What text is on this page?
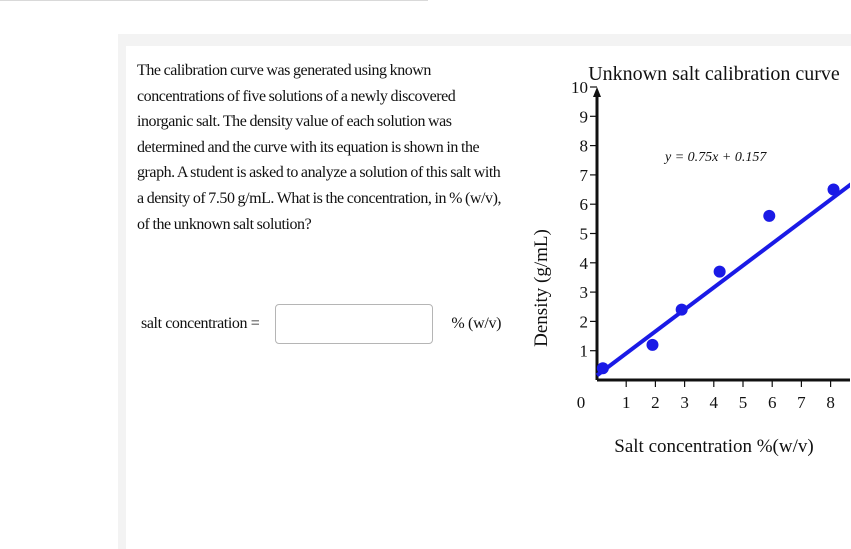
The calibration curve was generated using known concentrations of five solutions of a newly discovered inorganic salt. The density value of each solution was determined and the curve with its equation is shown in the graph. A student is asked to analyze a solution of this salt with a density of 7.50 g/mL. What is the concentration, in % (w/v), of the unknown salt solution?

salt concentration =	% (w/v)
Unknown salt calibration curve
Density (g/mL)
Salt concentration %(w/v)
y = 0.75x + 0.157
0
1
2
3
4
5
6
7
8
9
10
1 2 3 4 5 6 7 8
